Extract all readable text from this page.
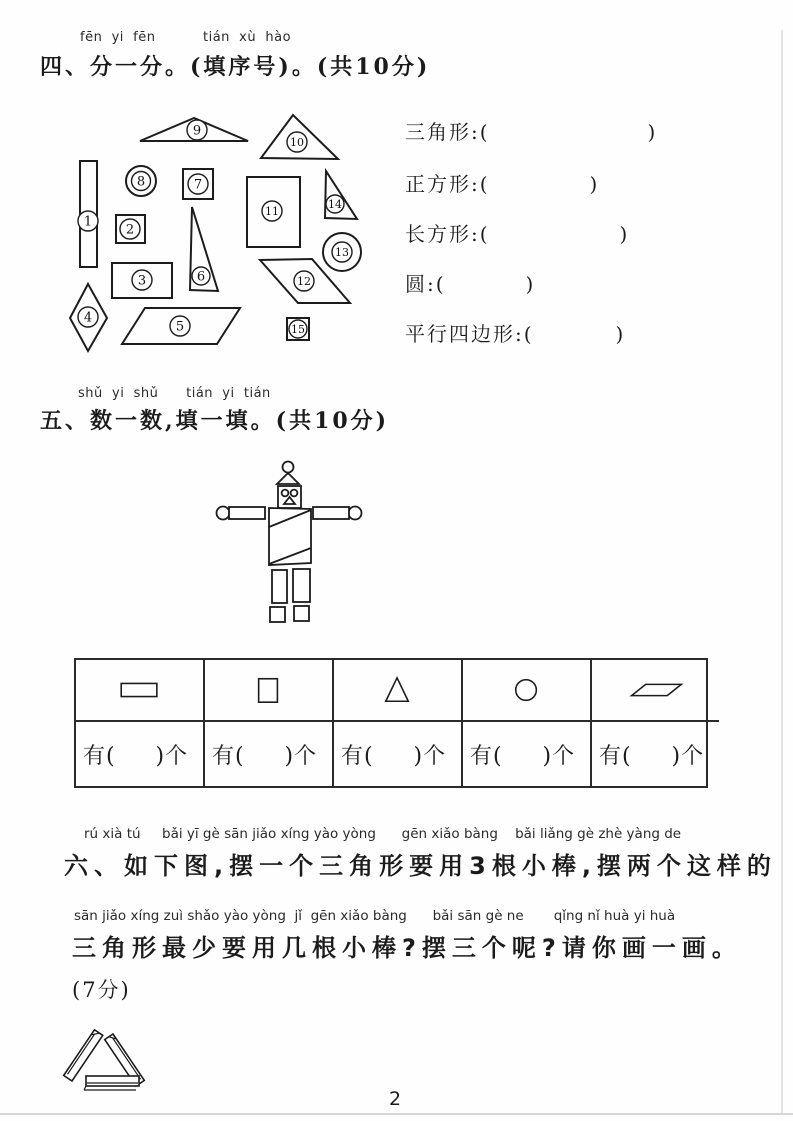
fēn  yi  fēn	tián  xù  hào
四、分一分。(填序号)。(共10分)
1
2
3
4
5
6
7
8
9
10
11
12
13
14
15
三角形:(	)
正方形:(	)
长方形:(	)
圆:(	)
平行四边形:(	)
shǔ  yi  shǔ      tián  yi  tián
五、数一数,填一填。(共10分)
有(     )个 有(     )个 有(     )个 有(     )个 有(     )个
rú xià tú     bǎi yī gè sān jiǎo xíng yào yòng      gēn xiǎo bàng    bǎi liǎng gè zhè yàng de
六、如下图,摆一个三角形要用3根小棒,摆两个这样的
sān jiǎo xíng zuì shǎo yào yòng  jǐ  gēn xiǎo bàng      bǎi sān gè ne       qǐng nǐ huà yi huà
三角形最少要用几根小棒?摆三个呢?请你画一画。
(7分)
2
